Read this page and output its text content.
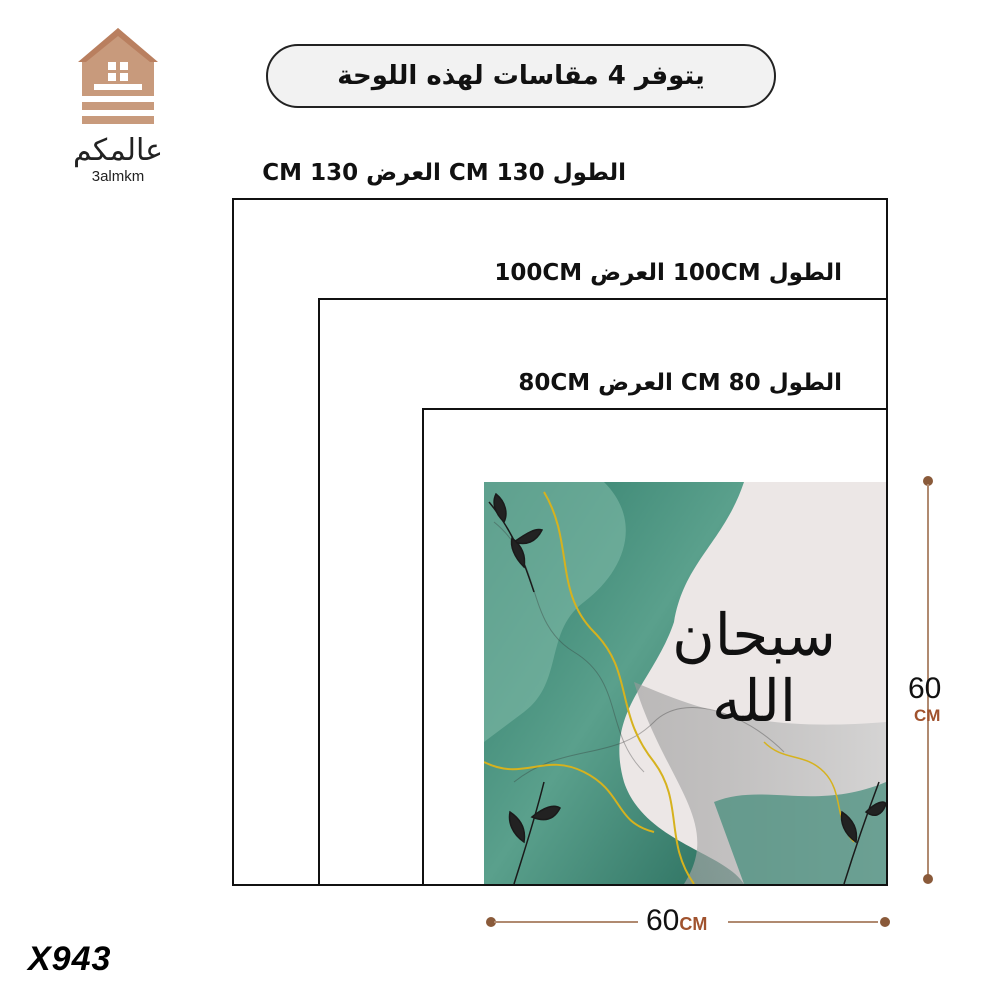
عالمكم
3almkm
يتوفر 4 مقاسات لهذه اللوحة
الطول 130 CM العرض 130 CM
الطول 100CM العرض 100CM
الطول 80 CM العرض 80CM
سبحان الله	60
CM
60CM
X943
